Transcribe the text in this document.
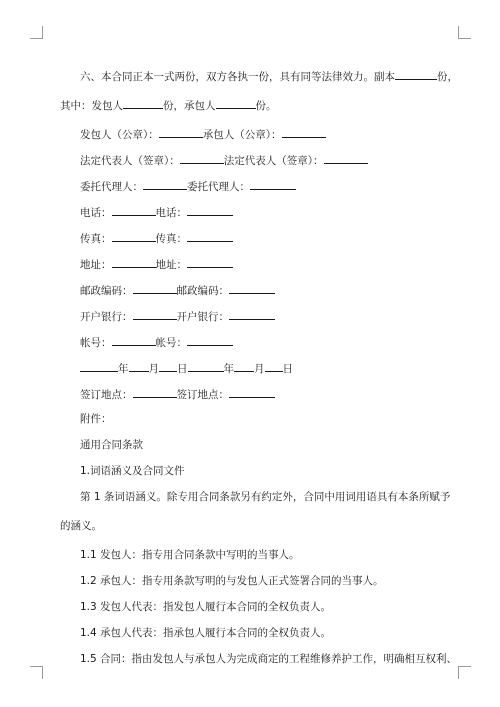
六、本合同正本一式两份，双方各执一份，具有同等法律效力。副本	份，
其中：发包人	份，承包人	份。
发包人（公章）：	承包人（公章）：
法定代表人（签章）：	法定代表人（签章）：
委托代理人：	委托代理人：
电话：	电话：
传真：	传真：
地址：	地址：
邮政编码：	邮政编码：
开户银行：	开户银行：
帐号：	帐号：
年 月 日	年 月 日
签订地点：	签订地点：
附件：
通用合同条款
1.词语涵义及合同文件
第 1 条词语涵义。除专用合同条款另有约定外，合同中用词用语具有本条所赋予
的涵义。
1.1 发包人：指专用合同条款中写明的当事人。
1.2 承包人：指专用条款写明的与发包人正式签署合同的当事人。
1.3 发包人代表：指发包人履行本合同的全权负责人。
1.4 承包人代表：指承包人履行本合同的全权负责人。
1.5 合同：指由发包人与承包人为完成商定的工程维修养护工作，明确相互权利、
